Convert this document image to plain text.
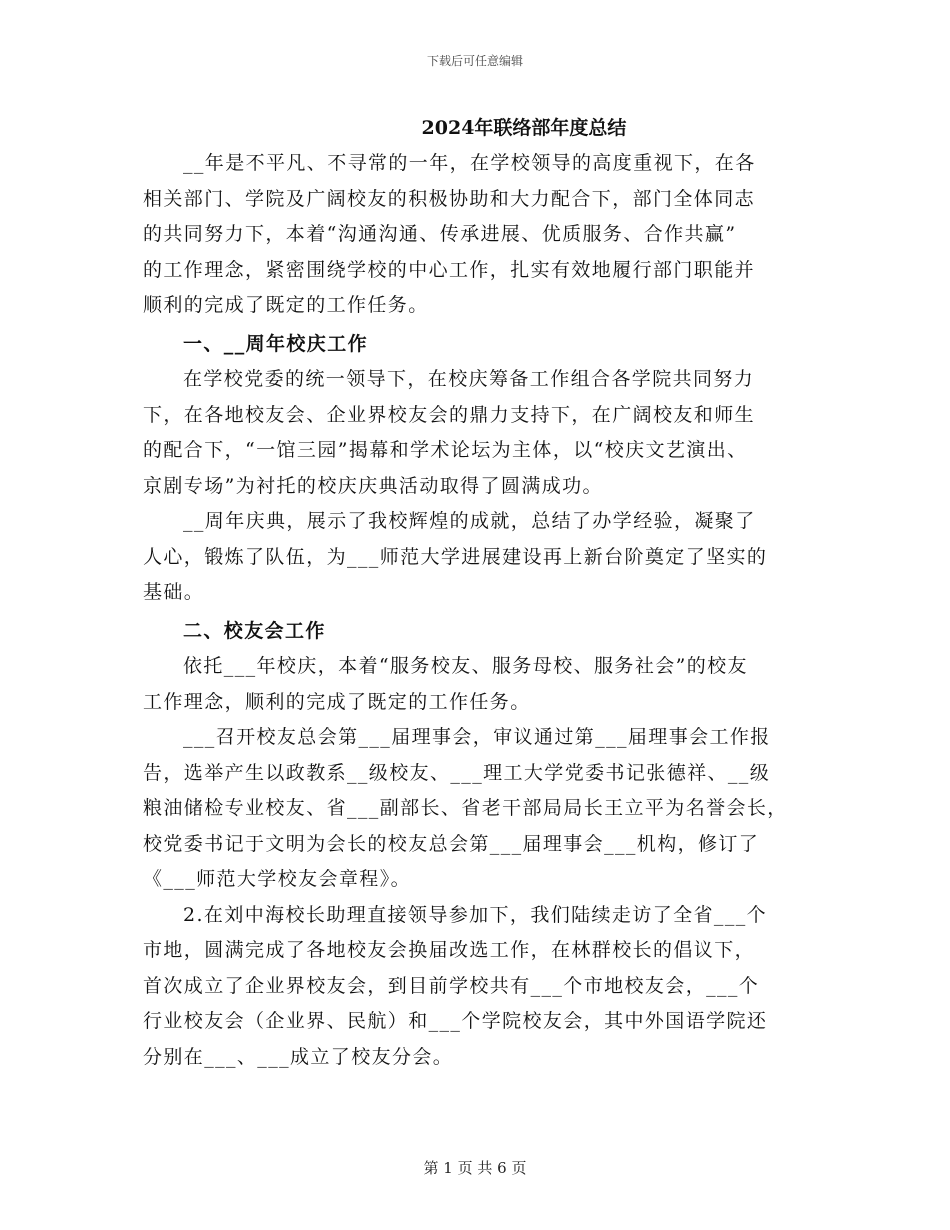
下载后可任意编辑
2024年联络部年度总结
__年是不平凡、不寻常的一年，在学校领导的高度重视下，在各
相关部门、学院及广阔校友的积极协助和大力配合下，部门全体同志
的共同努力下，本着“沟通沟通、传承进展、优质服务、合作共赢”
的工作理念，紧密围绕学校的中心工作，扎实有效地履行部门职能并
顺利的完成了既定的工作任务。
一、__周年校庆工作
在学校党委的统一领导下，在校庆筹备工作组合各学院共同努力
下，在各地校友会、企业界校友会的鼎力支持下，在广阔校友和师生
的配合下，“一馆三园”揭幕和学术论坛为主体，以“校庆文艺演出、
京剧专场”为衬托的校庆庆典活动取得了圆满成功。
__周年庆典，展示了我校辉煌的成就，总结了办学经验，凝聚了
人心，锻炼了队伍，为___师范大学进展建设再上新台阶奠定了坚实的
基础。
二、校友会工作
依托___年校庆，本着“服务校友、服务母校、服务社会”的校友
工作理念，顺利的完成了既定的工作任务。
___召开校友总会第___届理事会，审议通过第___届理事会工作报
告，选举产生以政教系__级校友、___理工大学党委书记张德祥、__级
粮油储检专业校友、省___副部长、省老干部局局长王立平为名誉会长，
校党委书记于文明为会长的校友总会第___届理事会___机构，修订了
《___师范大学校友会章程》。
2.在刘中海校长助理直接领导参加下，我们陆续走访了全省___个
市地，圆满完成了各地校友会换届改选工作，在林群校长的倡议下，
首次成立了企业界校友会，到目前学校共有___个市地校友会，___个
行业校友会（企业界、民航）和___个学院校友会，其中外国语学院还
分别在___、___成立了校友分会。
第 1 页 共 6 页
